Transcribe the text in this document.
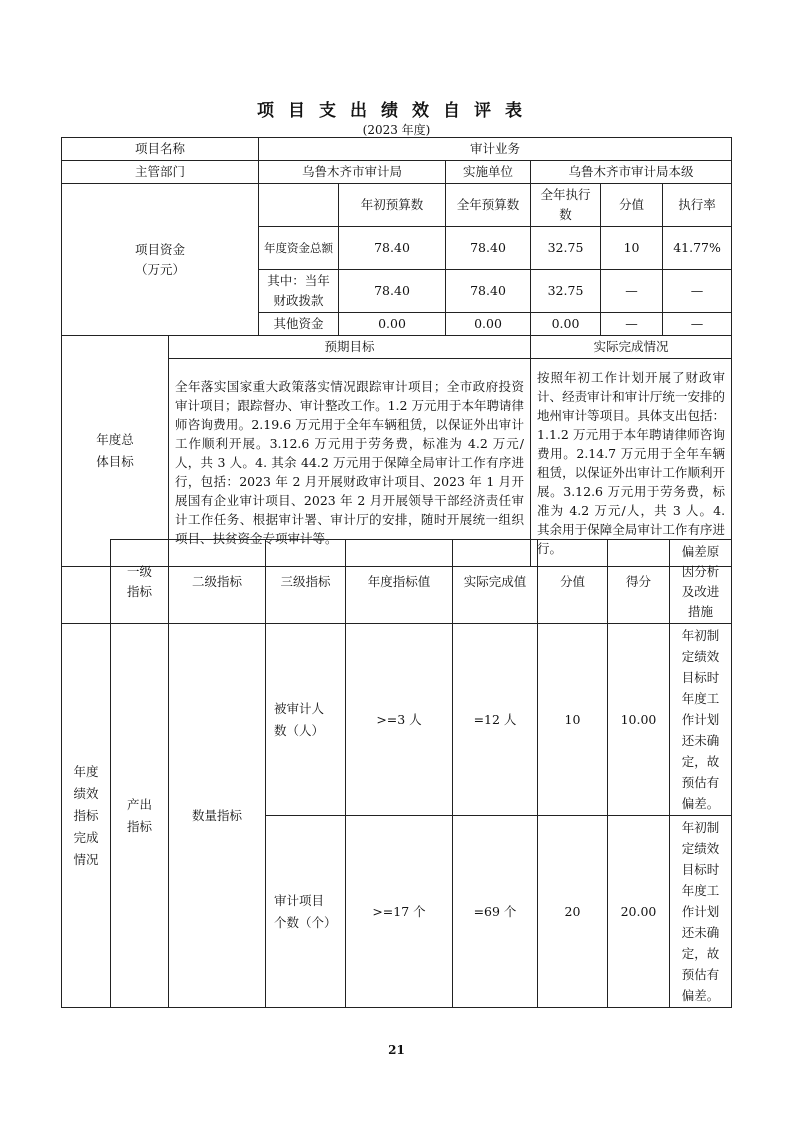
项目支出绩效自评表
(2023 年度)
项目名称		审计业务						
主管部门		乌鲁木齐市审计局		实施单位	乌鲁木齐市审计局本级			
项目资金
（万元）			年初预算数	全年预算数	全年执行数	分值	执行率	
		年度资金总额	78.40	78.40	32.75	10	41.77%	
		其中：当年财政拨款	78.40	78.40	32.75	—	—	
		其他资金	0.00	0.00	0.00	—	—	

年度总体目标	预期目标				实际完成情况			
	全年落实国家重大政策落实情况跟踪审计项目；全市政府投资审计项目；跟踪督办、审计整改工作。1.2 万元用于本年聘请律师咨询费用。2.19.6 万元用于全年车辆租赁，以保证外出审计工作顺利开展。3.12.6 万元用于劳务费，标准为 4.2 万元/人，共 3 人。4. 其余 44.2 万元用于保障全局审计工作有序进行，包括：2023 年 2 月开展财政审计项目、2023 年 1 月开展国有企业审计项目、2023 年 2 月开展领导干部经济责任审计工作任务、根据审计署、审计厅的安排，随时开展统一组织项目、扶贫资金专项审计等。				按照年初工作计划开展了财政审计、经责审计和审计厅统一安排的地州审计等项目。具体支出包括：1.1.2 万元用于本年聘请律师咨询费用。2.14.7 万元用于全年车辆租赁，以保证外出审计工作顺利开展。3.12.6 万元用于劳务费，标准为 4.2 万元/人，共 3 人。4. 其余用于保障全局审计工作有序进行。			

	一级指标	二级指标	三级指标	年度指标值	实际完成值	分值	得分	偏差原因分析及改进措施

年度绩效指标完成情况	产出指标	数量指标	被审计人数（人）	>=3 人	=12 人	10	10.00	年初制定绩效目标时年度工作计划还未确定，故预估有偏差。

			审计项目个数（个）	>=17 个	=69 个	20	20.00	年初制定绩效目标时年度工作计划还未确定，故预估有偏差。
21
